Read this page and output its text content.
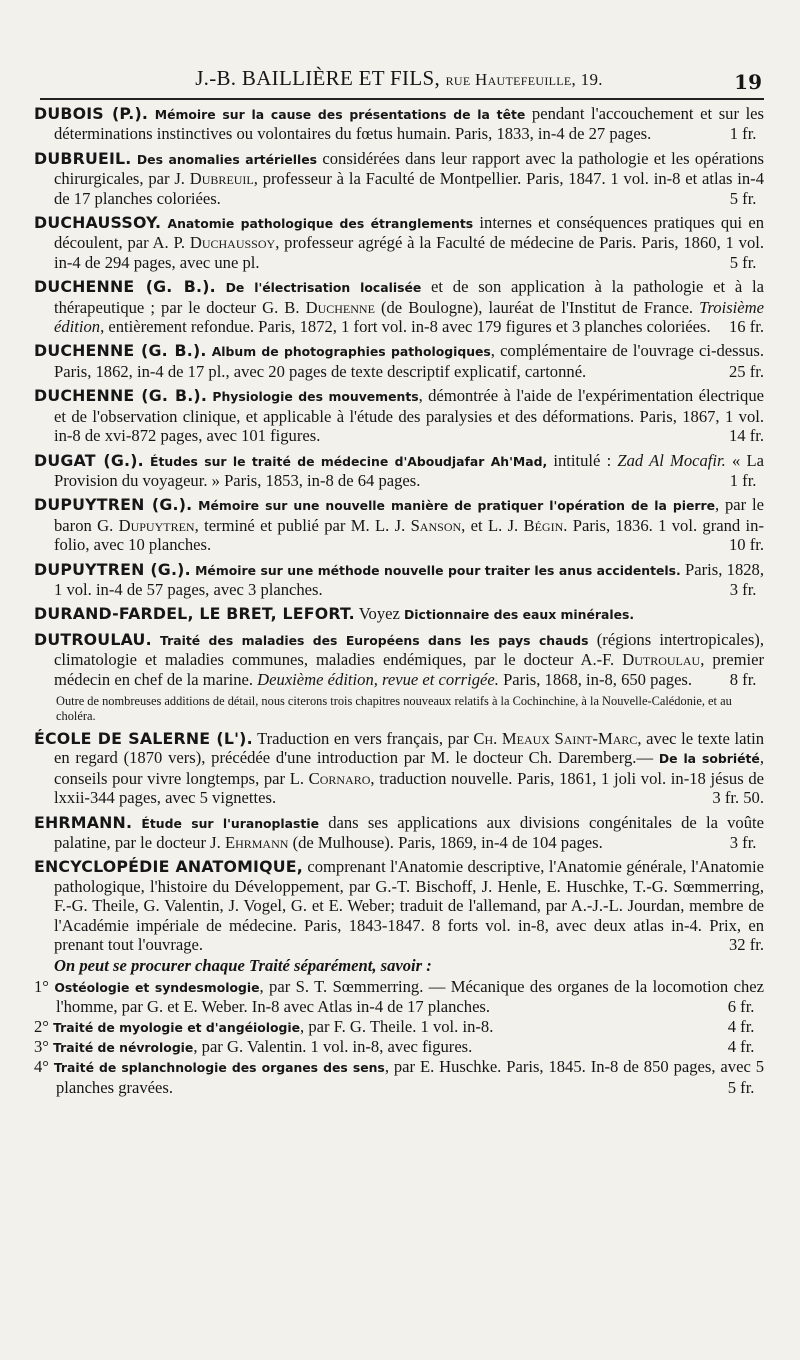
J.-B. BAILLIÈRE ET FILS, rue Hautefeuille, 19.	19

DUBOIS (P.). Mémoire sur la cause des présentations de la tête pendant l'accouchement et sur les déterminations instinctives ou volontaires du fœtus humain. Paris, 1833, in-4 de 27 pages.	1 fr.

DUBRUEIL. Des anomalies artérielles considérées dans leur rapport avec la pathologie et les opérations chirurgicales, par J. Dubreuil, professeur à la Faculté de Montpellier. Paris, 1847. 1 vol. in-8 et atlas in-4 de 17 planches coloriées.	5 fr.

DUCHAUSSOY. Anatomie pathologique des étranglements internes et conséquences pratiques qui en découlent, par A. P. Duchaussoy, professeur agrégé à la Faculté de médecine de Paris. Paris, 1860, 1 vol. in-4 de 294 pages, avec une pl.	5 fr.

DUCHENNE (G. B.). De l'électrisation localisée et de son application à la pathologie et à la thérapeutique ; par le docteur G. B. Duchenne (de Boulogne), lauréat de l'Institut de France. Troisième édition, entièrement refondue. Paris, 1872, 1 fort vol. in-8 avec 179 figures et 3 planches coloriées. 16 fr.

DUCHENNE (G. B.). Album de photographies pathologiques, complémentaire de l'ouvrage ci-dessus. Paris, 1862, in-4 de 17 pl., avec 20 pages de texte descriptif explicatif, cartonné.	25 fr.

DUCHENNE (G. B.). Physiologie des mouvements, démontrée à l'aide de l'expérimentation électrique et de l'observation clinique, et applicable à l'étude des paralysies et des déformations. Paris, 1867, 1 vol. in-8 de xvi-872 pages, avec 101 figures.	14 fr.

DUGAT (G.). Études sur le traité de médecine d'Aboudjafar Ah'Mad, intitulé : Zad Al Mocafir. « La Provision du voyageur. » Paris, 1853, in-8 de 64 pages.	1 fr.

DUPUYTREN (G.). Mémoire sur une nouvelle manière de pratiquer l'opération de la pierre, par le baron G. Dupuytren, terminé et publié par M. L. J. Sanson, et L. J. Bégin. Paris, 1836. 1 vol. grand in-folio, avec 10 planches.	10 fr.

DUPUYTREN (G.). Mémoire sur une méthode nouvelle pour traiter les anus accidentels. Paris, 1828, 1 vol. in-4 de 57 pages, avec 3 planches.	3 fr.

DURAND-FARDEL, LE BRET, LEFORT. Voyez Dictionnaire des eaux minérales.

DUTROULAU. Traité des maladies des Européens dans les pays chauds (régions intertropicales), climatologie et maladies communes, maladies endémiques, par le docteur A.-F. Dutroulau, premier médecin en chef de la marine. Deuxième édition, revue et corrigée. Paris, 1868, in-8, 650 pages. 8 fr.

Outre de nombreuses additions de détail, nous citerons trois chapitres nouveaux relatifs à la Cochinchine, à la Nouvelle-Calédonie, et au choléra.

ÉCOLE DE SALERNE (L'). Traduction en vers français, par Ch. Meaux Saint-Marc, avec le texte latin en regard (1870 vers), précédée d'une introduction par M. le docteur Ch. Daremberg.— De la sobriété, conseils pour vivre longtemps, par L. Cornaro, traduction nouvelle. Paris, 1861, 1 joli vol. in-18 jésus de lxxii-344 pages, avec 5 vignettes.	3 fr. 50.

EHRMANN. Étude sur l'uranoplastie dans ses applications aux divisions congénitales de la voûte palatine, par le docteur J. Ehrmann (de Mulhouse). Paris, 1869, in-4 de 104 pages.	3 fr.

ENCYCLOPÉDIE ANATOMIQUE, comprenant l'Anatomie descriptive, l'Anatomie générale, l'Anatomie pathologique, l'histoire du Développement, par G.-T. Bischoff, J. Henle, E. Huschke, T.-G. Sœmmerring, F.-G. Theile, G. Valentin, J. Vogel, G. et E. Weber; traduit de l'allemand, par A.-J.-L. Jourdan, membre de l'Académie impériale de médecine. Paris, 1843-1847. 8 forts vol. in-8, avec deux atlas in-4. Prix, en prenant tout l'ouvrage.	32 fr.

On peut se procurer chaque Traité séparément, savoir :

1° Ostéologie et syndesmologie, par S. T. Sœmmerring. — Mécanique des organes de la locomotion chez l'homme, par G. et E. Weber. In-8 avec Atlas in-4 de 17 planches.	6 fr.

2° Traité de myologie et d'angéiologie, par F. G. Theile. 1 vol. in-8.	4 fr.

3° Traité de névrologie, par G. Valentin. 1 vol. in-8, avec figures.	4 fr.

4° Traité de splanchnologie des organes des sens, par E. Huschke. Paris, 1845. In-8 de 850 pages, avec 5 planches gravées.	5 fr.
